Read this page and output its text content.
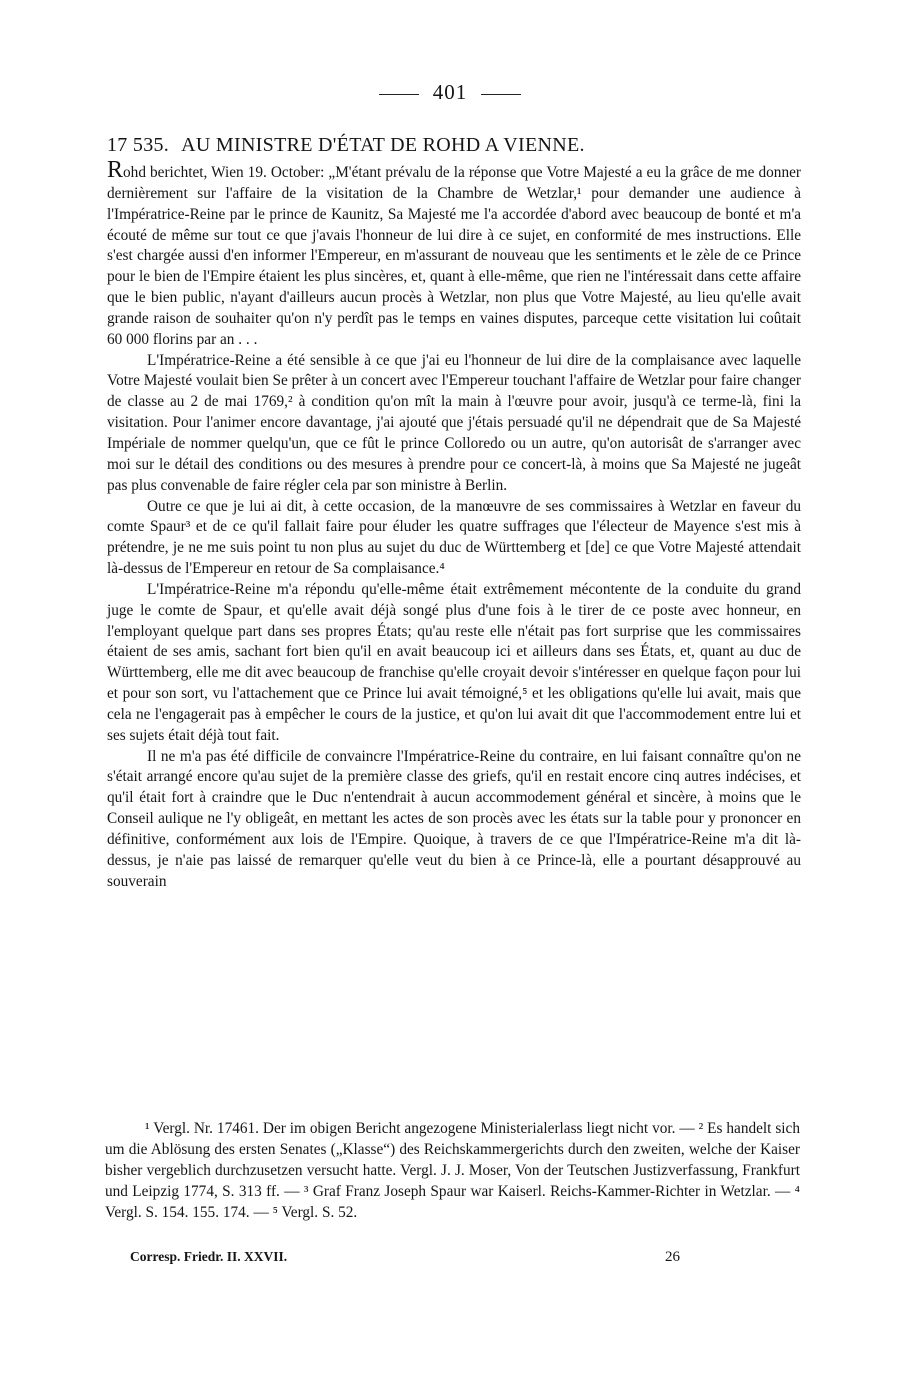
401
17 535. AU MINISTRE D'ÉTAT DE ROHD A VIENNE.

Rohd berichtet, Wien 19. October: „M'étant prévalu de la réponse que Votre Majesté a eu la grâce de me donner dernièrement sur l'affaire de la visitation de la Chambre de Wetzlar,¹ pour demander une audience à l'Impératrice-Reine par le prince de Kaunitz, Sa Majesté me l'a accordée d'abord avec beaucoup de bonté et m'a écouté de même sur tout ce que j'avais l'honneur de lui dire à ce sujet, en conformité de mes instructions. Elle s'est chargée aussi d'en informer l'Empereur, en m'assurant de nouveau que les sentiments et le zèle de ce Prince pour le bien de l'Empire étaient les plus sincères, et, quant à elle-même, que rien ne l'intéressait dans cette affaire que le bien public, n'ayant d'ailleurs aucun procès à Wetzlar, non plus que Votre Majesté, au lieu qu'elle avait grande raison de souhaiter qu'on n'y perdît pas le temps en vaines disputes, parceque cette visitation lui coûtait 60 000 florins par an . . .

L'Impératrice-Reine a été sensible à ce que j'ai eu l'honneur de lui dire de la complaisance avec laquelle Votre Majesté voulait bien Se prêter à un concert avec l'Empereur touchant l'affaire de Wetzlar pour faire changer de classe au 2 de mai 1769,² à condition qu'on mît la main à l'œuvre pour avoir, jusqu'à ce terme-là, fini la visitation. Pour l'animer encore davantage, j'ai ajouté que j'étais persuadé qu'il ne dépendrait que de Sa Majesté Impériale de nommer quelqu'un, que ce fût le prince Colloredo ou un autre, qu'on autorisât de s'arranger avec moi sur le détail des conditions ou des mesures à prendre pour ce concert-là, à moins que Sa Majesté ne jugeât pas plus convenable de faire régler cela par son ministre à Berlin.

Outre ce que je lui ai dit, à cette occasion, de la manœuvre de ses commissaires à Wetzlar en faveur du comte Spaur³ et de ce qu'il fallait faire pour éluder les quatre suffrages que l'électeur de Mayence s'est mis à prétendre, je ne me suis point tu non plus au sujet du duc de Württemberg et [de] ce que Votre Majesté attendait là-dessus de l'Empereur en retour de Sa complaisance.⁴

L'Impératrice-Reine m'a répondu qu'elle-même était extrêmement mécontente de la conduite du grand juge le comte de Spaur, et qu'elle avait déjà songé plus d'une fois à le tirer de ce poste avec honneur, en l'employant quelque part dans ses propres États; qu'au reste elle n'était pas fort surprise que les commissaires étaient de ses amis, sachant fort bien qu'il en avait beaucoup ici et ailleurs dans ses États, et, quant au duc de Württemberg, elle me dit avec beaucoup de franchise qu'elle croyait devoir s'intéresser en quelque façon pour lui et pour son sort, vu l'attachement que ce Prince lui avait témoigné,⁵ et les obligations qu'elle lui avait, mais que cela ne l'engagerait pas à empêcher le cours de la justice, et qu'on lui avait dit que l'accommodement entre lui et ses sujets était déjà tout fait.

Il ne m'a pas été difficile de convaincre l'Impératrice-Reine du contraire, en lui faisant connaître qu'on ne s'était arrangé encore qu'au sujet de la première classe des griefs, qu'il en restait encore cinq autres indécises, et qu'il était fort à craindre que le Duc n'entendrait à aucun accommodement général et sincère, à moins que le Conseil aulique ne l'y obligeât, en mettant les actes de son procès avec les états sur la table pour y prononcer en définitive, conformément aux lois de l'Empire. Quoique, à travers de ce que l'Impératrice-Reine m'a dit là-dessus, je n'aie pas laissé de remarquer qu'elle veut du bien à ce Prince-là, elle a pourtant désapprouvé au souverain

¹ Vergl. Nr. 17461. Der im obigen Bericht angezogene Ministerialerlass liegt nicht vor. — ² Es handelt sich um die Ablösung des ersten Senates („Klasse“) des Reichskammergerichts durch den zweiten, welche der Kaiser bisher vergeblich durchzusetzen versucht hatte. Vergl. J. J. Moser, Von der Teutschen Justizverfassung, Frankfurt und Leipzig 1774, S. 313 ff. — ³ Graf Franz Joseph Spaur war Kaiserl. Reichs-Kammer-Richter in Wetzlar. — ⁴ Vergl. S. 154. 155. 174. — ⁵ Vergl. S. 52.
Corresp. Friedr. II. XXVII.	26
